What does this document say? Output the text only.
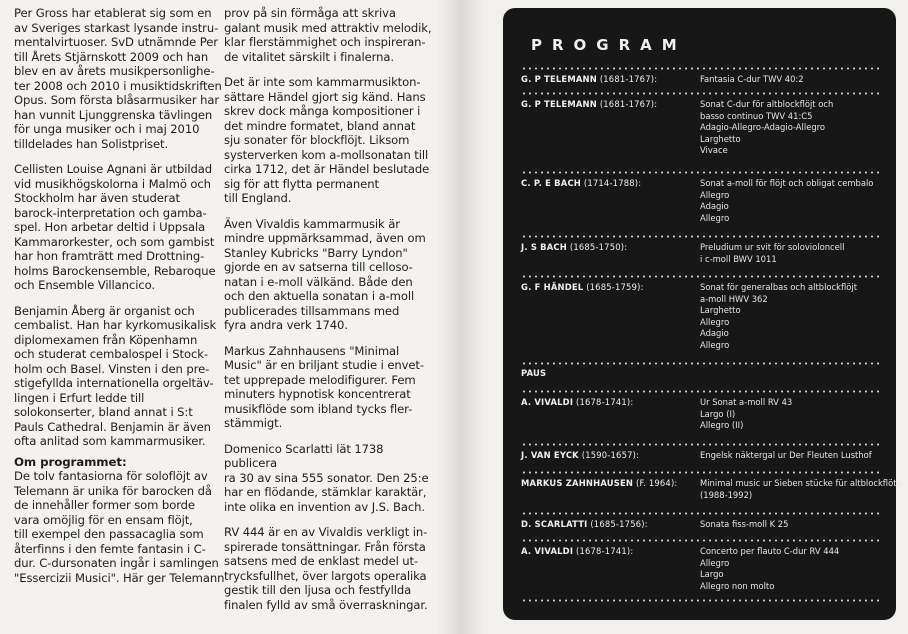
Per Gross har etablerat sig som en
av Sveriges starkast lysande instru-
mentalvirtuoser. SvD utnämnde Per
till Årets Stjärnskott 2009 och han
blev en av årets musikpersonlighe-
ter 2008 och 2010 i musiktidskriften
Opus. Som första blåsarmusiker har
han vunnit Ljunggrenska tävlingen
för unga musiker och i maj 2010
tilldelades han Solistpriset.

Cellisten Louise Agnani är utbildad
vid musikhögskolorna i Malmö och
Stockholm har även studerat
barock-interpretation och gamba-
spel. Hon arbetar deltid i Uppsala
Kammarorkester, och som gambist
har hon framträtt med Drottning-
holms Barockensemble, Rebaroque
och Ensemble Villancico.

Benjamin Åberg är organist och
cembalist. Han har kyrkomusikalisk
diplomexamen från Köpenhamn
och studerat cembalospel i Stock-
holm och Basel. Vinsten i den pre-
stigefyllda internationella orgeltäv-
lingen i Erfurt ledde till
solokonserter, bland annat i S:t
Pauls Cathedral. Benjamin är även
ofta anlitad som kammarmusiker.

Om programmet:

De tolv fantasiorna för soloflöjt av
Telemann är unika för barocken då
de innehåller former som borde
vara omöjlig för en ensam flöjt,
till exempel den passacaglia som
återfinns i den femte fantasin i C-
dur. C-dursonaten ingår i samlingen
"Essercizii Musici". Här ger Telemann

prov på sin förmåga att skriva
galant musik med attraktiv melodik,
klar flerstämmighet och inspireran-
de vitalitet särskilt i finalerna.

Det är inte som kammarmusikton-
sättare Händel gjort sig känd. Hans
skrev dock många kompositioner i
det mindre formatet, bland annat
sju sonater för blockflöjt. Liksom
systerverken kom a-mollsonatan till
cirka 1712, det är Händel beslutade
sig för att flytta permanent
till England.

Även Vivaldis kammarmusik är
mindre uppmärksammad, även om
Stanley Kubricks "Barry Lyndon"
gjorde en av satserna till celloso-
natan i e-moll välkänd. Både den
och den aktuella sonatan i a-moll
publicerades tillsammans med
fyra andra verk 1740.

Markus Zahnhausens "Minimal
Music" är en briljant studie i envet-
tet upprepade melodifigurer. Fem
minuters hypnotisk koncentrerat
musikflöde som ibland tycks fler-
stämmigt.

Domenico Scarlatti lät 1738 publicera
ra 30 av sina 555 sonator. Den 25:e
har en flödande, stämklar karaktär,
inte olika en invention av J.S. Bach.

RV 444 är en av Vivaldis verkligt in-
spirerade tonsättningar. Från första
satsens med de enklast medel ut-
trycksfullhet, över largots operalika
gestik till den ljusa och festfyllda
finalen fylld av små överraskningar.

PROGRAM
G. P TELEMANN (1681-1767):	Fantasia C-dur TWV 40:2
G. P TELEMANN (1681-1767):	Sonat C-dur för altblockflöjt och
basso continuo TWV 41:C5
Adagio-Allegro-Adagio-Allegro
Larghetto
Vivace
C. P. E BACH (1714-1788):	Sonat a-moll för flöjt och obligat cembalo
Allegro
Adagio
Allegro
J. S BACH (1685-1750):	Preludium ur svit för solovioloncell
i c-moll BWV 1011
G. F HÄNDEL (1685-1759):	Sonat för generalbas och altblockflöjt
a-moll HWV 362
Larghetto
Allegro
Adagio
Allegro
PAUS
A. VIVALDI (1678-1741):	Ur Sonat a-moll RV 43
Largo (I)
Allegro (II)
J. VAN EYCK (1590-1657):	Engelsk näktergal ur Der Fleuten Lusthof
MARKUS ZAHNHAUSEN (F. 1964):	Minimal music ur Sieben stücke für altblockflöte
(1988-1992)
D. SCARLATTI (1685-1756):	Sonata fiss-moll K 25
A. VIVALDI (1678-1741):	Concerto per flauto C-dur RV 444
Allegro
Largo
Allegro non molto
